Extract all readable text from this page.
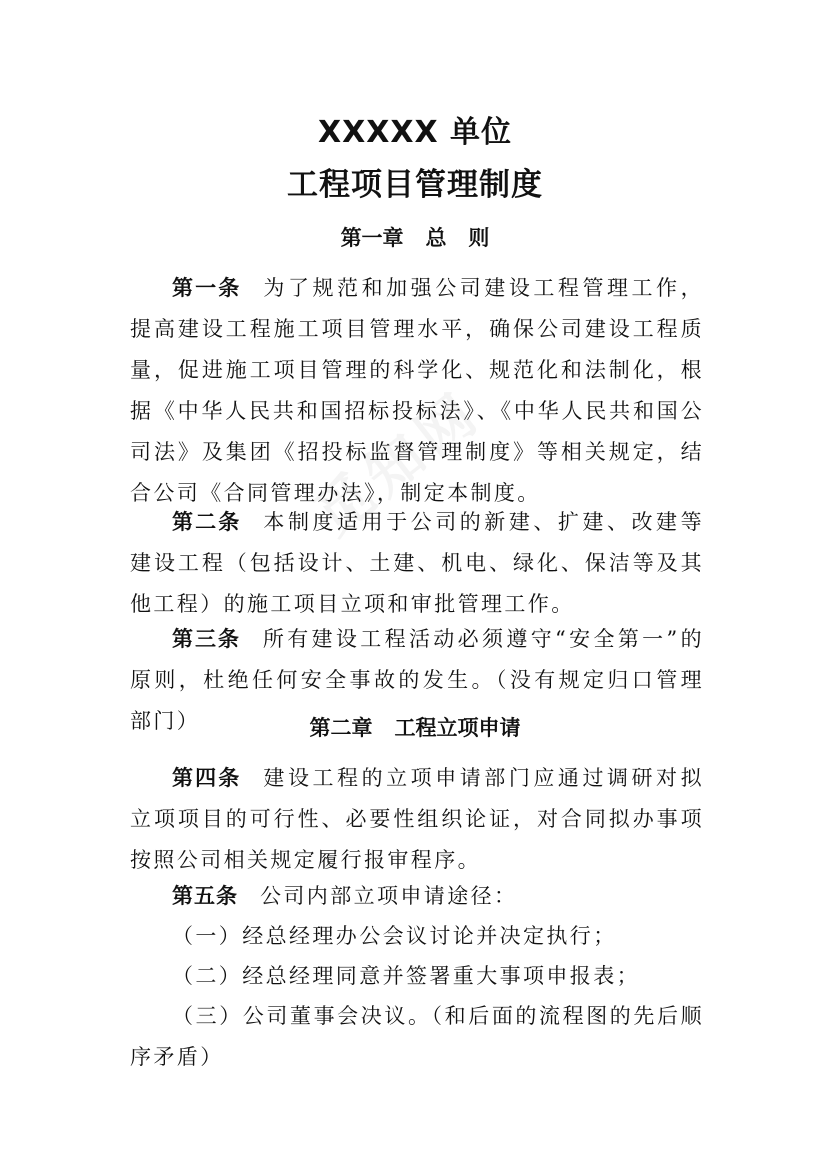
XXXXX 单位
工程项目管理制度
第一章   总   则
第一条 为了规范和加强公司建设工程管理工作，提高建设工程施工项目管理水平，确保公司建设工程质量，促进施工项目管理的科学化、规范化和法制化，根据《中华人民共和国招标投标法》、《中华人民共和国公司法》及集团《招投标监督管理制度》等相关规定，结合公司《合同管理办法》，制定本制度。
第二条 本制度适用于公司的新建、扩建、改建等建设工程（包括设计、土建、机电、绿化、保洁等及其他工程）的施工项目立项和审批管理工作。
第三条 所有建设工程活动必须遵守“安全第一”的原则，杜绝任何安全事故的发生。（没有规定归口管理部门）	第二章   工程立项申请
第四条 建设工程的立项申请部门应通过调研对拟立项项目的可行性、必要性组织论证，对合同拟办事项按照公司相关规定履行报审程序。
第五条 公司内部立项申请途径：
（一）经总经理办公会议讨论并决定执行；
（二）经总经理同意并签署重大事项申报表；
（三）公司董事会决议。（和后面的流程图的先后顺序矛盾）
